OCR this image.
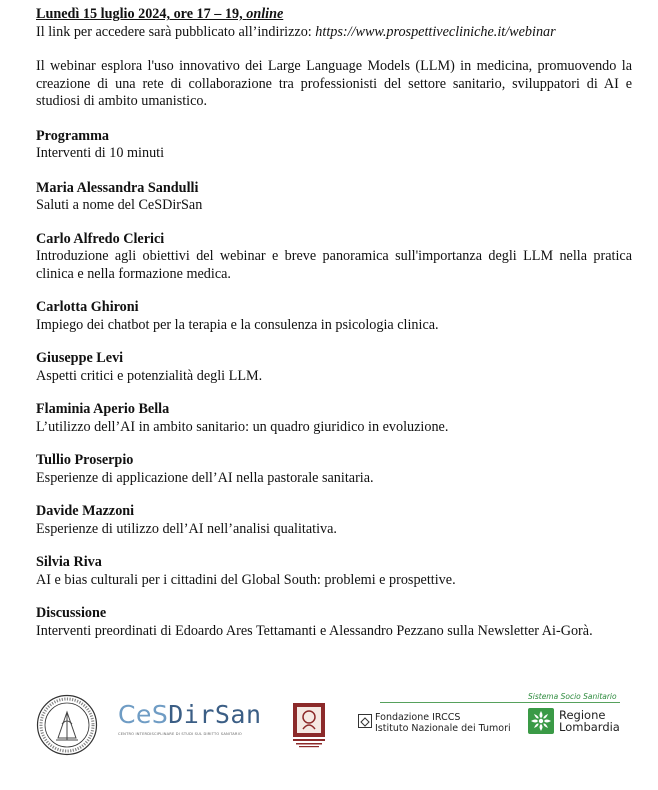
Lunedì 15 luglio 2024, ore 17 – 19, online
Il link per accedere sarà pubblicato all’indirizzo: https://www.prospettivecliniche.it/webinar
Il webinar esplora l'uso innovativo dei Large Language Models (LLM) in medicina, promuovendo la creazione di una rete di collaborazione tra professionisti del settore sanitario, sviluppatori di AI e studiosi di ambito umanistico.
Programma
Interventi di 10 minuti
Maria Alessandra Sandulli
Saluti a nome del CeSDirSan
Carlo Alfredo Clerici
Introduzione agli obiettivi del webinar e breve panoramica sull'importanza degli LLM nella pratica clinica e nella formazione medica.
Carlotta Ghironi
Impiego dei chatbot per la terapia e la consulenza in psicologia clinica.
Giuseppe Levi
Aspetti critici e potenzialità degli LLM.
Flaminia Aperio Bella
L’utilizzo dell’AI in ambito sanitario: un quadro giuridico in evoluzione.
Tullio Proserpio
Esperienze di applicazione dell’AI nella pastorale sanitaria.
Davide Mazzoni
Esperienze di utilizzo dell’AI nell’analisi qualitativa.
Silvia Riva
AI e bias culturali per i cittadini del Global South: problemi e prospettive.
Discussione
Interventi preordinati di Edoardo Ares Tettamanti e Alessandro Pezzano sulla Newsletter Ai-Gorà.
CeSDirSan
CENTRO INTERDISCIPLINARE DI STUDI SUL DIRITTO SANITARIO
Fondazione IRCCS
Istituto Nazionale dei Tumori
Sistema Socio Sanitario
Regione
Lombardia
